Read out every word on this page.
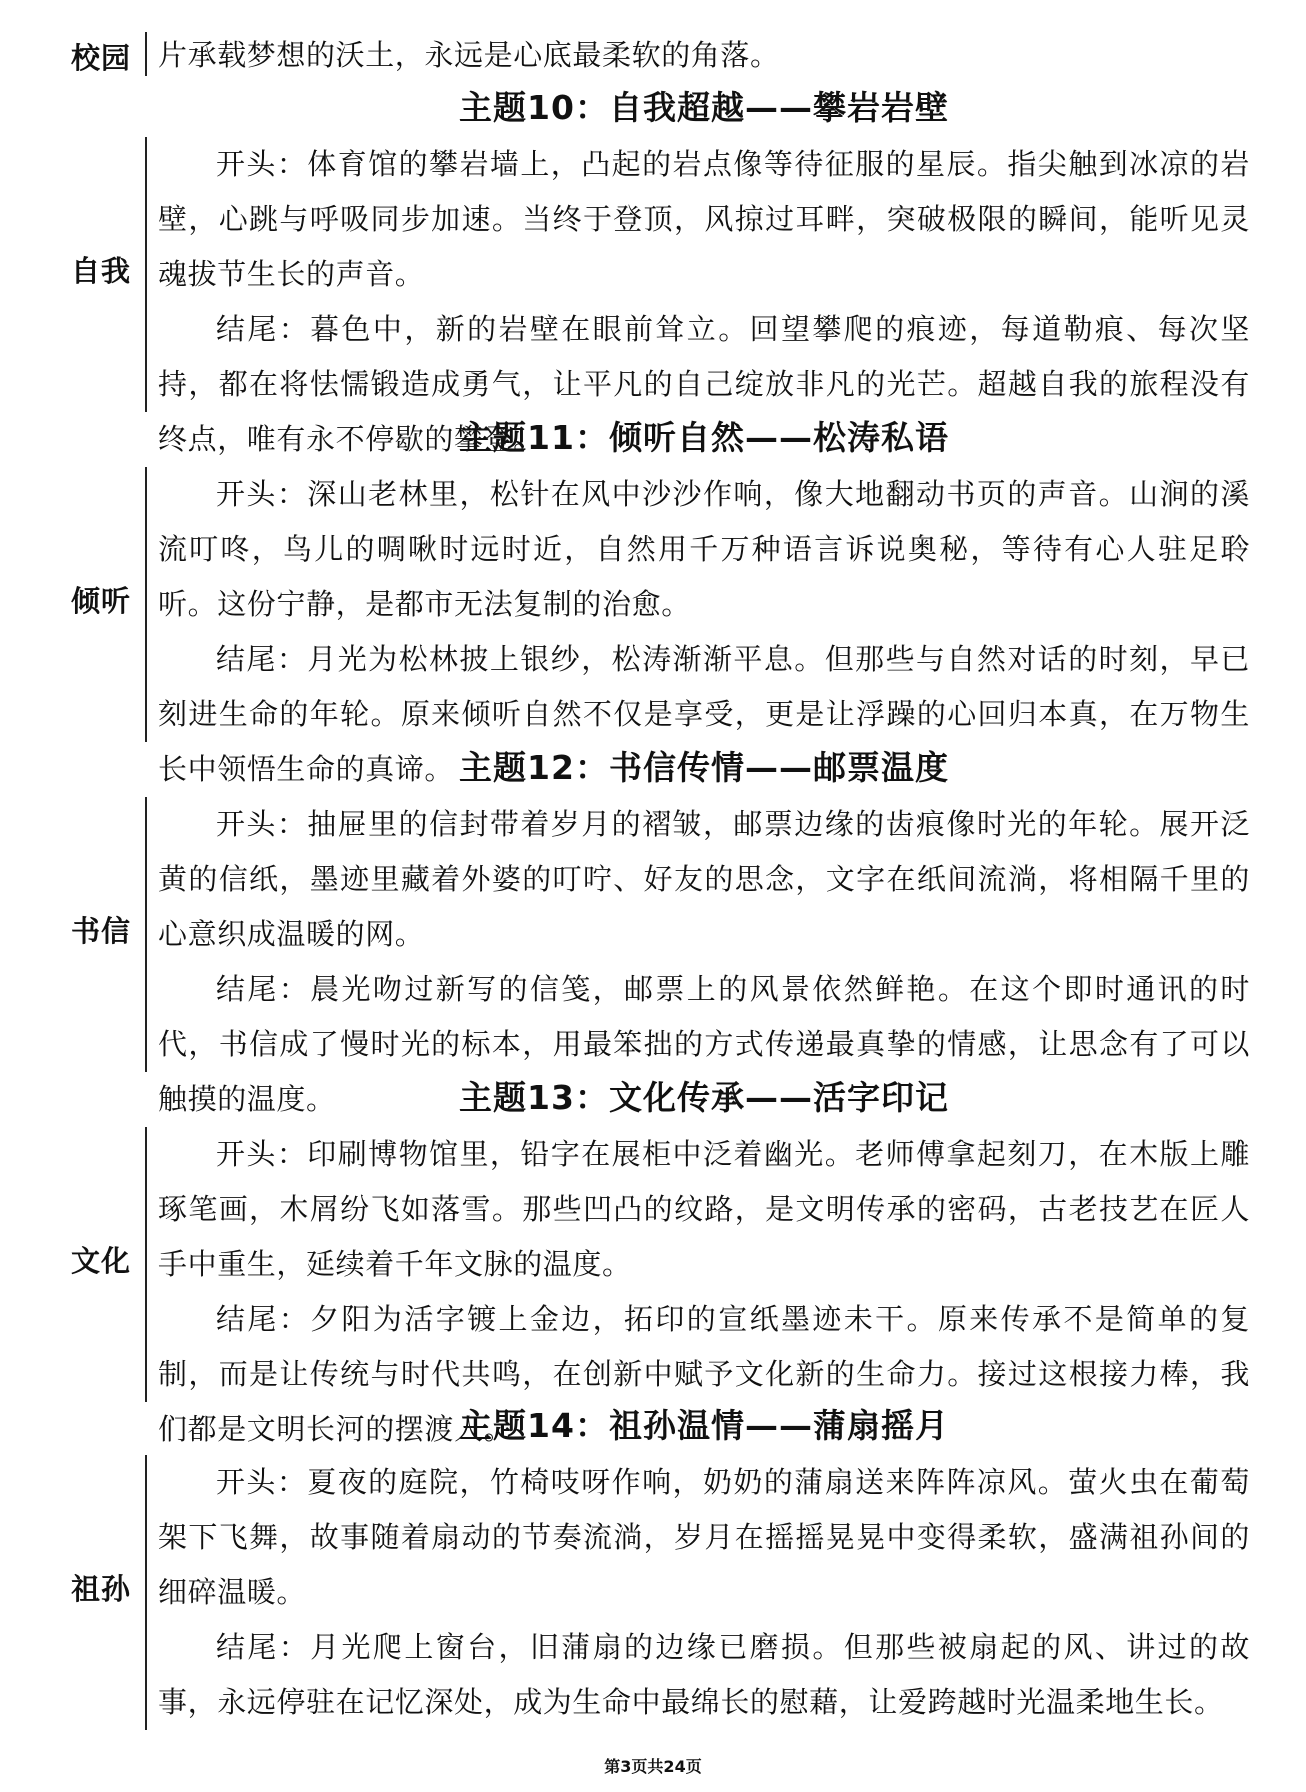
校园 片承载梦想的沃土，永远是心底最柔软的角落。

主题10：自我超越——攀岩岩壁
自我

开头：体育馆的攀岩墙上，凸起的岩点像等待征服的星辰。指尖触到冰凉的岩壁，心跳与呼吸同步加速。当终于登顶，风掠过耳畔，突破极限的瞬间，能听见灵魂拔节生长的声音。

结尾：暮色中，新的岩壁在眼前耸立。回望攀爬的痕迹，每道勒痕、每次坚持，都在将怯懦锻造成勇气，让平凡的自己绽放非凡的光芒。超越自我的旅程没有终点，唯有永不停歇的攀登。

主题11：倾听自然——松涛私语
倾听

开头：深山老林里，松针在风中沙沙作响，像大地翻动书页的声音。山涧的溪流叮咚，鸟儿的啁啾时远时近，自然用千万种语言诉说奥秘，等待有心人驻足聆听。这份宁静，是都市无法复制的治愈。

结尾：月光为松林披上银纱，松涛渐渐平息。但那些与自然对话的时刻，早已刻进生命的年轮。原来倾听自然不仅是享受，更是让浮躁的心回归本真，在万物生长中领悟生命的真谛。 主题12：书信传情——邮票温度
书信

开头：抽屉里的信封带着岁月的褶皱，邮票边缘的齿痕像时光的年轮。展开泛黄的信纸，墨迹里藏着外婆的叮咛、好友的思念，文字在纸间流淌，将相隔千里的心意织成温暖的网。

结尾：晨光吻过新写的信笺，邮票上的风景依然鲜艳。在这个即时通讯的时代，书信成了慢时光的标本，用最笨拙的方式传递最真挚的情感，让思念有了可以触摸的温度。	主题13：文化传承——活字印记
文化

开头：印刷博物馆里，铅字在展柜中泛着幽光。老师傅拿起刻刀，在木版上雕琢笔画，木屑纷飞如落雪。那些凹凸的纹路，是文明传承的密码，古老技艺在匠人手中重生，延续着千年文脉的温度。

结尾：夕阳为活字镀上金边，拓印的宣纸墨迹未干。原来传承不是简单的复制，而是让传统与时代共鸣，在创新中赋予文化新的生命力。接过这根接力棒，我们都是文明长河的摆渡人。

主题14：祖孙温情——蒲扇摇月
祖孙

开头：夏夜的庭院，竹椅吱呀作响，奶奶的蒲扇送来阵阵凉风。萤火虫在葡萄架下飞舞，故事随着扇动的节奏流淌，岁月在摇摇晃晃中变得柔软，盛满祖孙间的细碎温暖。

结尾：月光爬上窗台，旧蒲扇的边缘已磨损。但那些被扇起的风、讲过的故事，永远停驻在记忆深处，成为生命中最绵长的慰藉，让爱跨越时光温柔地生长。

第3页共24页
